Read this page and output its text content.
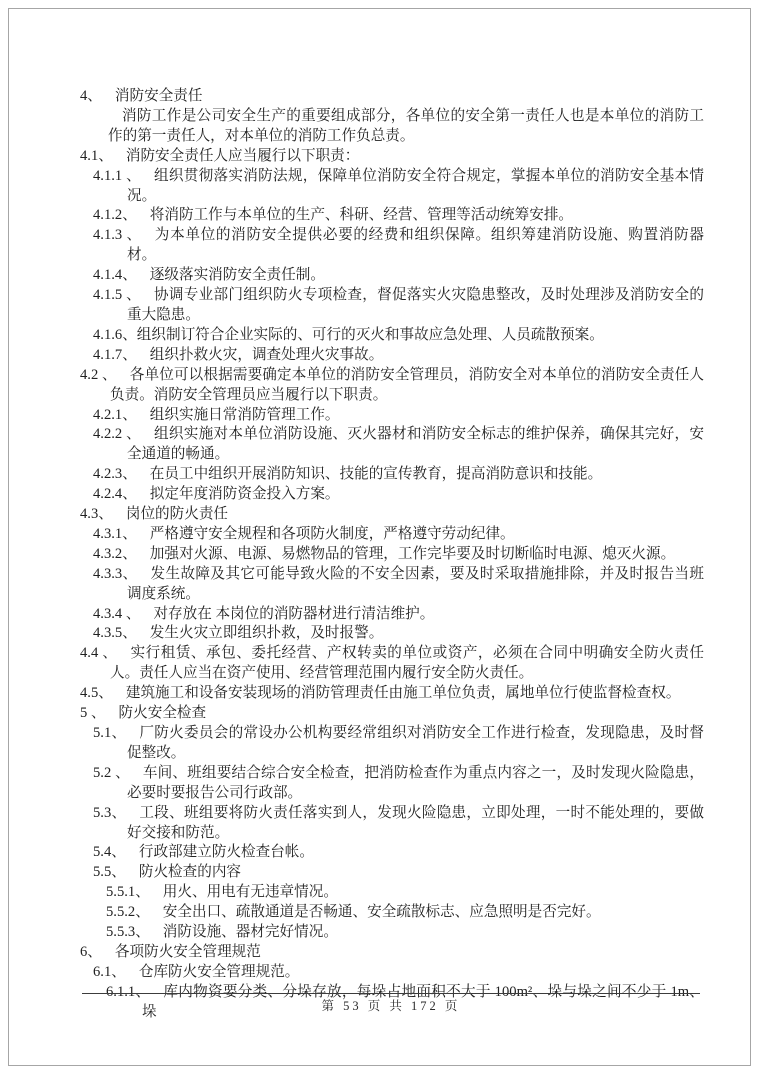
4、 消防安全责任
消防工作是公司安全生产的重要组成部分，各单位的安全第一责任人也是本单位的消防工作的第一责任人，对本单位的消防工作负总责。
4.1、 消防安全责任人应当履行以下职责：
4.1.1 、 组织贯彻落实消防法规，保障单位消防安全符合规定，掌握本单位的消防安全基本情况。
4.1.2、 将消防工作与本单位的生产、科研、经营、管理等活动统筹安排。
4.1.3 、 为本单位的消防安全提供必要的经费和组织保障。组织筹建消防设施、购置消防器材。
4.1.4、 逐级落实消防安全责任制。
4.1.5 、 协调专业部门组织防火专项检查，督促落实火灾隐患整改，及时处理涉及消防安全的重大隐患。
4.1.6、组织制订符合企业实际的、可行的灭火和事故应急处理、人员疏散预案。
4.1.7、 组织扑救火灾，调查处理火灾事故。
4.2 、 各单位可以根据需要确定本单位的消防安全管理员，消防安全对本单位的消防安全责任人负责。消防安全管理员应当履行以下职责。
4.2.1、 组织实施日常消防管理工作。
4.2.2 、 组织实施对本单位消防设施、灭火器材和消防安全标志的维护保养，确保其完好，安全通道的畅通。
4.2.3、 在员工中组织开展消防知识、技能的宣传教育，提高消防意识和技能。
4.2.4、 拟定年度消防资金投入方案。
4.3、 岗位的防火责任
4.3.1、 严格遵守安全规程和各项防火制度，严格遵守劳动纪律。
4.3.2、 加强对火源、电源、易燃物品的管理，工作完毕要及时切断临时电源、熄灭火源。
4.3.3、 发生故障及其它可能导致火险的不安全因素，要及时采取措施排除，并及时报告当班调度系统。
4.3.4 、 对存放在 本岗位的消防器材进行清洁维护。
4.3.5、 发生火灾立即组织扑救，及时报警。
4.4 、 实行租赁、承包、委托经营、产权转卖的单位或资产，必须在合同中明确安全防火责任人。责任人应当在资产使用、经营管理范围内履行安全防火责任。
4.5、 建筑施工和设备安装现场的消防管理责任由施工单位负责，属地单位行使监督检查权。
5 、 防火安全检查
5.1、 厂防火委员会的常设办公机构要经常组织对消防安全工作进行检查，发现隐患，及时督促整改。
5.2 、 车间、班组要结合综合安全检查，把消防检查作为重点内容之一，及时发现火险隐患，必要时要报告公司行政部。
5.3、 工段、班组要将防火责任落实到人，发现火险隐患，立即处理，一时不能处理的，要做好交接和防范。
5.4、 行政部建立防火检查台帐。
5.5、 防火检查的内容
5.5.1、 用火、用电有无违章情况。
5.5.2、 安全出口、疏散通道是否畅通、安全疏散标志、应急照明是否完好。
5.5.3、 消防设施、器材完好情况。
6、 各项防火安全管理规范
6.1、 仓库防火安全管理规范。
6.1.1、 库内物资要分类、分垛存放，每垛占地面积不大于 100m²、垛与垛之间不少于 1m、垛	第 53 页 共 172 页
